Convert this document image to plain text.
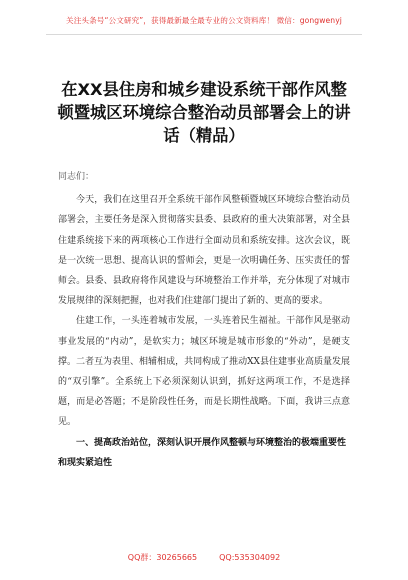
关注头条号“公文研究”，获得最新最全最专业的公文资料库！ 微信：gongwenyj
在XX县住房和城乡建设系统干部作风整
顿暨城区环境综合整治动员部署会上的讲
话（精品）

同志们：

今天，我们在这里召开全系统干部作风整顿暨城区环境综合整治动员部署会，主要任务是深入贯彻落实县委、县政府的重大决策部署，对全县住建系统接下来的两项核心工作进行全面动员和系统安排。这次会议，既是一次统一思想、提高认识的誓师会，更是一次明确任务、压实责任的誓师会。县委、县政府将作风建设与环境整治工作并举，充分体现了对城市发展规律的深刻把握，也对我们住建部门提出了新的、更高的要求。

住建工作，一头连着城市发展，一头连着民生福祉。干部作风是驱动事业发展的“内动”，是软实力；城区环境是城市形象的“外动”，是硬支撑。二者互为表里、相辅相成，共同构成了推动XX县住建事业高质量发展的“双引擎”。全系统上下必须深刻认识到，抓好这两项工作，不是选择题，而是必答题；不是阶段性任务，而是长期性战略。下面，我讲三点意见。

一、提高政治站位，深刻认识开展作风整顿与环境整治的极端重要性和现实紧迫性

QQ群：30265665	QQ:535304092
